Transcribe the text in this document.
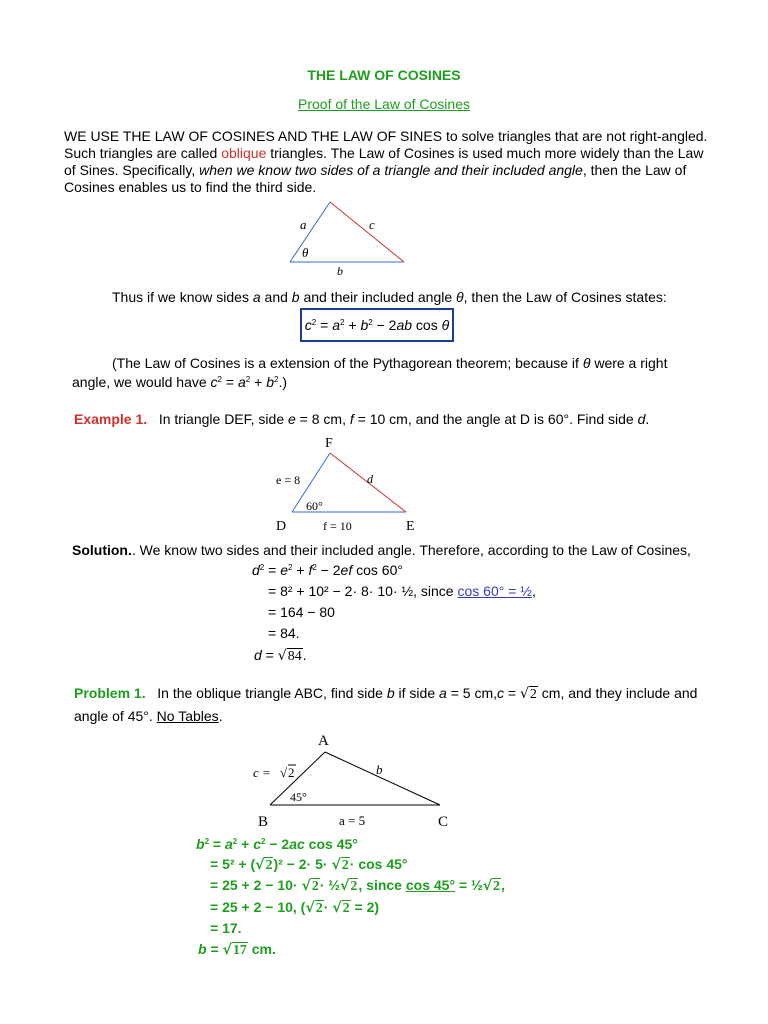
THE LAW OF COSINES
Proof of the Law of Cosines
WE USE THE LAW OF COSINES AND THE LAW OF SINES to solve triangles that are not right-angled.
Such triangles are called oblique triangles. The Law of Cosines is used much more widely than the Law of Sines. Specifically, when we know two sides of a triangle and their included angle, then the Law of Cosines enables us to find the third side.
a	c
θ
b
Thus if we know sides a and b and their included angle θ, then the Law of Cosines states:
$c^2 = a^2 + b^2 - 2ab$ cos θ
(The Law of Cosines is a extension of the Pythagorean theorem; because if θ were a right
angle, we would have $c^2 = a^2 + b^2$.)
Example 1. In triangle DEF, side e = 8 cm, f = 10 cm, and the angle at D is 60°. Find side d.
F
e = 8	d
60°
D	f = 10	E
Solution.. We know two sides and their included angle. Therefore, according to the Law of Cosines,
$d^2 = e^2 + f^2 - 2ef$ cos 60°
= 8² + 10² − 2· 8· 10· ½, since cos 60° = ½,
= 164 − 80
= 84.
d = √84.
Problem 1. In the oblique triangle ABC, find side b if side a = 5 cm,c = √2 cm, and they include and
angle of 45°. No Tables.
A
c = √ 2	b
45°
B	a = 5	C
$b^2 = a^2 + c^2 - 2ac$ cos 45°
= 5² + (√2)² − 2· 5· √2· cos 45°
= 25 + 2 − 10· √2· ½√2, since cos 45° = ½√2,
= 25 + 2 − 10, (√2· √2 = 2)
= 17.
b = √17 cm.
